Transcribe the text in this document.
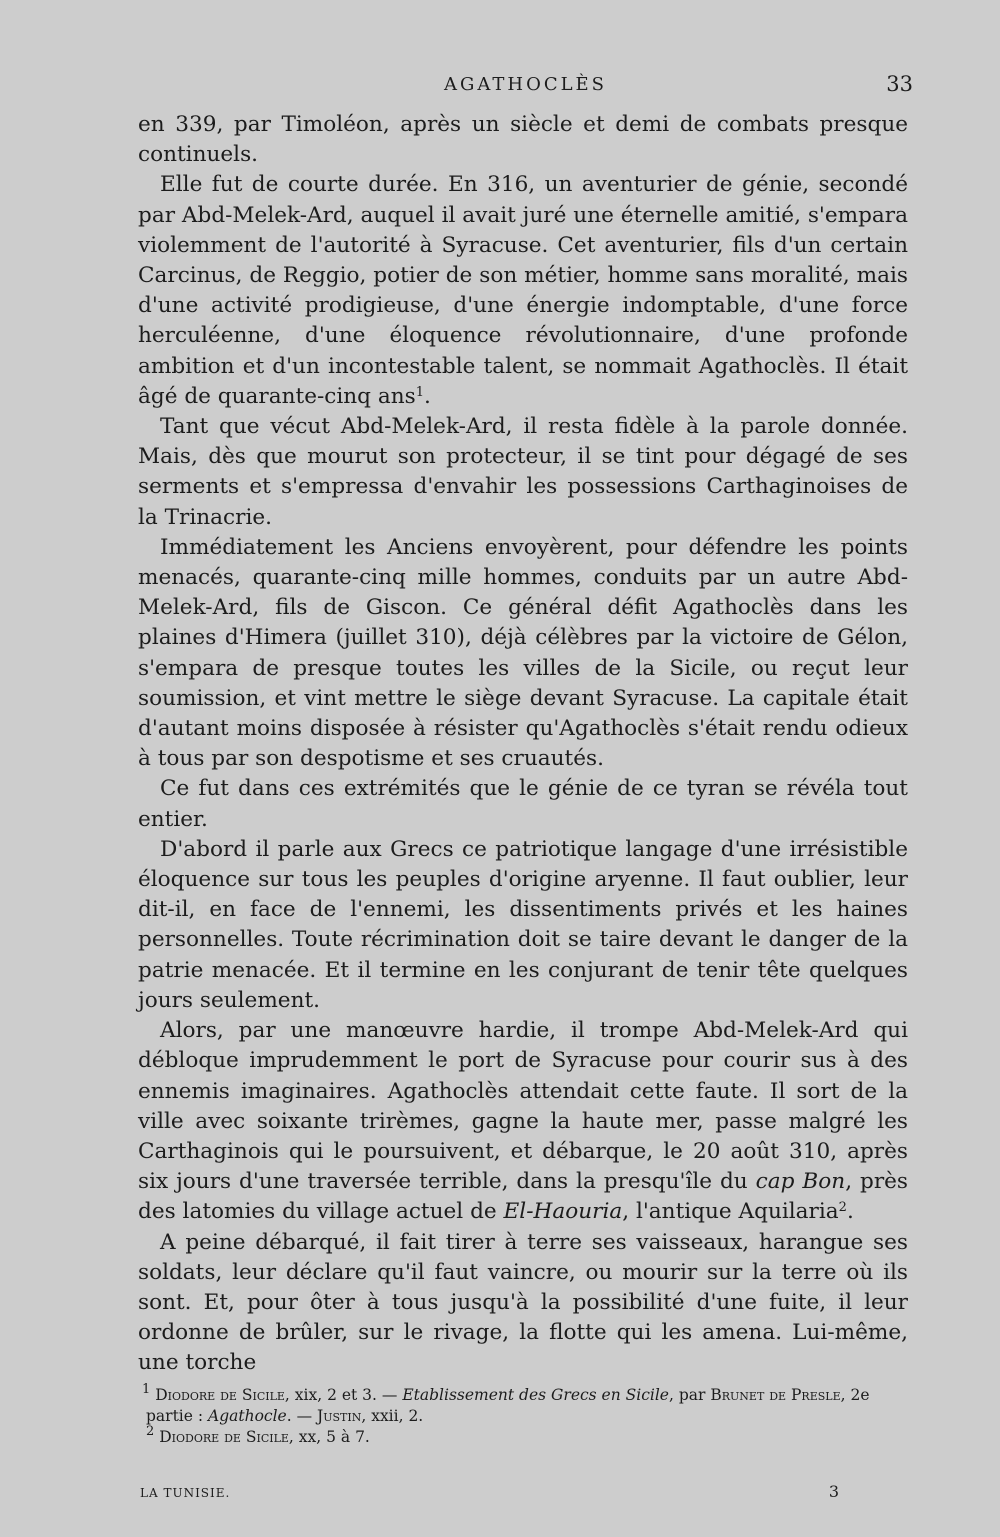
AGATHOCLÈS	33

en 339, par Timoléon, après un siècle et demi de combats presque continuels.

Elle fut de courte durée. En 316, un aventurier de génie, secondé par Abd-Melek-Ard, auquel il avait juré une éternelle amitié, s'empara violemment de l'autorité à Syracuse. Cet aventurier, fils d'un certain Carcinus, de Reggio, potier de son métier, homme sans moralité, mais d'une activité prodigieuse, d'une énergie indomptable, d'une force herculéenne, d'une éloquence révolutionnaire, d'une profonde ambition et d'un incontestable talent, se nommait Agathoclès. Il était âgé de quarante-cinq ans$^1$.

Tant que vécut Abd-Melek-Ard, il resta fidèle à la parole donnée. Mais, dès que mourut son protecteur, il se tint pour dégagé de ses serments et s'empressa d'envahir les possessions Carthaginoises de la Trinacrie.

Immédiatement les Anciens envoyèrent, pour défendre les points menacés, quarante-cinq mille hommes, conduits par un autre Abd-Melek-Ard, fils de Giscon. Ce général défit Agathoclès dans les plaines d'Himera (juillet 310), déjà célèbres par la victoire de Gélon, s'empara de presque toutes les villes de la Sicile, ou reçut leur soumission, et vint mettre le siège devant Syracuse. La capitale était d'autant moins disposée à résister qu'Agathoclès s'était rendu odieux à tous par son despotisme et ses cruautés.

Ce fut dans ces extrémités que le génie de ce tyran se révéla tout entier.

D'abord il parle aux Grecs ce patriotique langage d'une irrésistible éloquence sur tous les peuples d'origine aryenne. Il faut oublier, leur dit-il, en face de l'ennemi, les dissentiments privés et les haines personnelles. Toute récrimination doit se taire devant le danger de la patrie menacée. Et il termine en les conjurant de tenir tête quelques jours seulement.

Alors, par une manœuvre hardie, il trompe Abd-Melek-Ard qui débloque imprudemment le port de Syracuse pour courir sus à des ennemis imaginaires. Agathoclès attendait cette faute. Il sort de la ville avec soixante trirèmes, gagne la haute mer, passe malgré les Carthaginois qui le poursuivent, et débarque, le 20 août 310, après six jours d'une traversée terrible, dans la presqu'île du cap Bon, près des latomies du village actuel de El-Haouria, l'antique Aquilaria$^2$.

A peine débarqué, il fait tirer à terre ses vaisseaux, harangue ses soldats, leur déclare qu'il faut vaincre, ou mourir sur la terre où ils sont. Et, pour ôter à tous jusqu'à la possibilité d'une fuite, il leur ordonne de brûler, sur le rivage, la flotte qui les amena. Lui-même, une torche

$^1$ Diodore de Sicile, xix, 2 et 3. — Etablissement des Grecs en Sicile, par Brunet de Presle, 2e partie : Agathocle. — Justin, xxii, 2.

$^2$ Diodore de Sicile, xx, 5 à 7.

LA TUNISIE.	3
